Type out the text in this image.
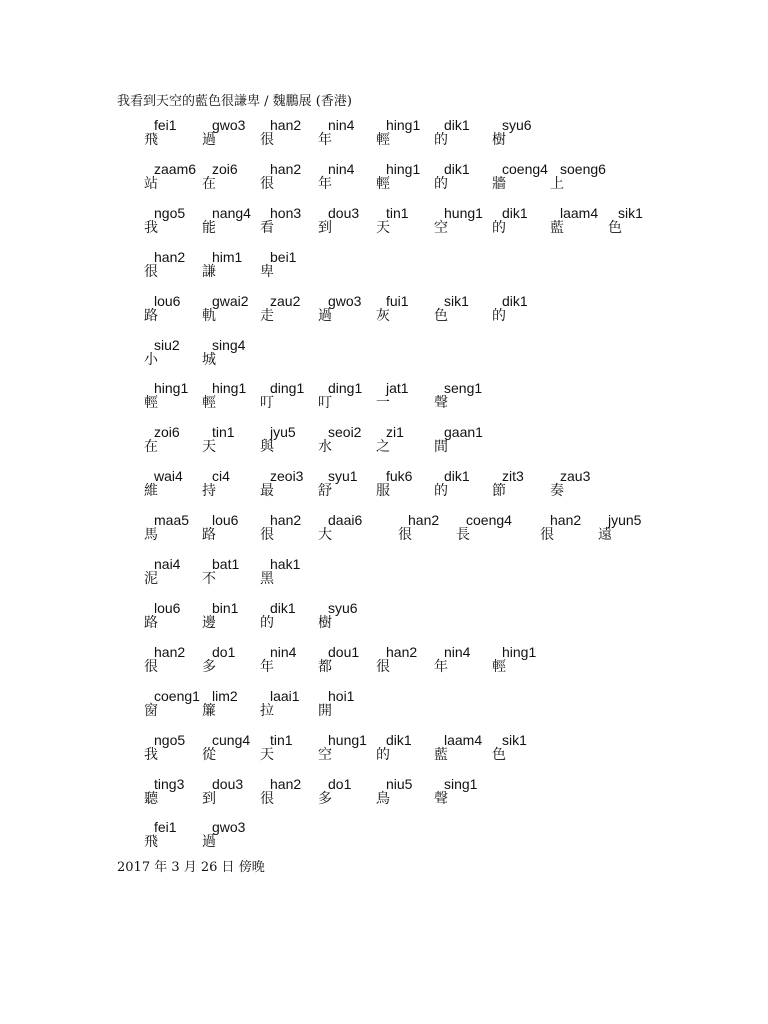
我看到天空的藍色很謙卑 / 魏鵬展 (香港)
fei1
飛
gwo3
過
han2
很
nin4
年
hing1
輕
dik1
的
syu6
樹
zaam6
站
zoi6
在
han2
很
nin4
年
hing1
輕
dik1
的
coeng4
牆
soeng6
上
ngo5
我
nang4
能
hon3
看
dou3
到
tin1
天
hung1
空
dik1
的
laam4
藍
sik1
色
han2
很
him1
謙
bei1
卑
lou6
路
gwai2
軌
zau2
走
gwo3
過
fui1
灰
sik1
色
dik1
的
siu2
小
sing4
城
hing1
輕
hing1
輕
ding1
叮
ding1
叮
jat1
一
seng1
聲
zoi6
在
tin1
天
jyu5
與
seoi2
水
zi1
之
gaan1
間
wai4
維
ci4
持
zeoi3
最
syu1
舒
fuk6
服
dik1
的
zit3
節
zau3
奏
maa5
馬
lou6
路
han2
很
daai6
大
han2
很
coeng4
長
han2
很
jyun5
遠
nai4
泥
bat1
不
hak1
黑
lou6
路
bin1
邊
dik1
的
syu6
樹
han2
很
do1
多
nin4
年
dou1
都
han2
很
nin4
年
hing1
輕
coeng1
窗
lim2
簾
laai1
拉
hoi1
開
ngo5
我
cung4
從
tin1
天
hung1
空
dik1
的
laam4
藍
sik1
色
ting3
聽
dou3
到
han2
很
do1
多
niu5
鳥
sing1
聲
fei1
飛
gwo3
過
2017 年 3 月 26 日 傍晚
